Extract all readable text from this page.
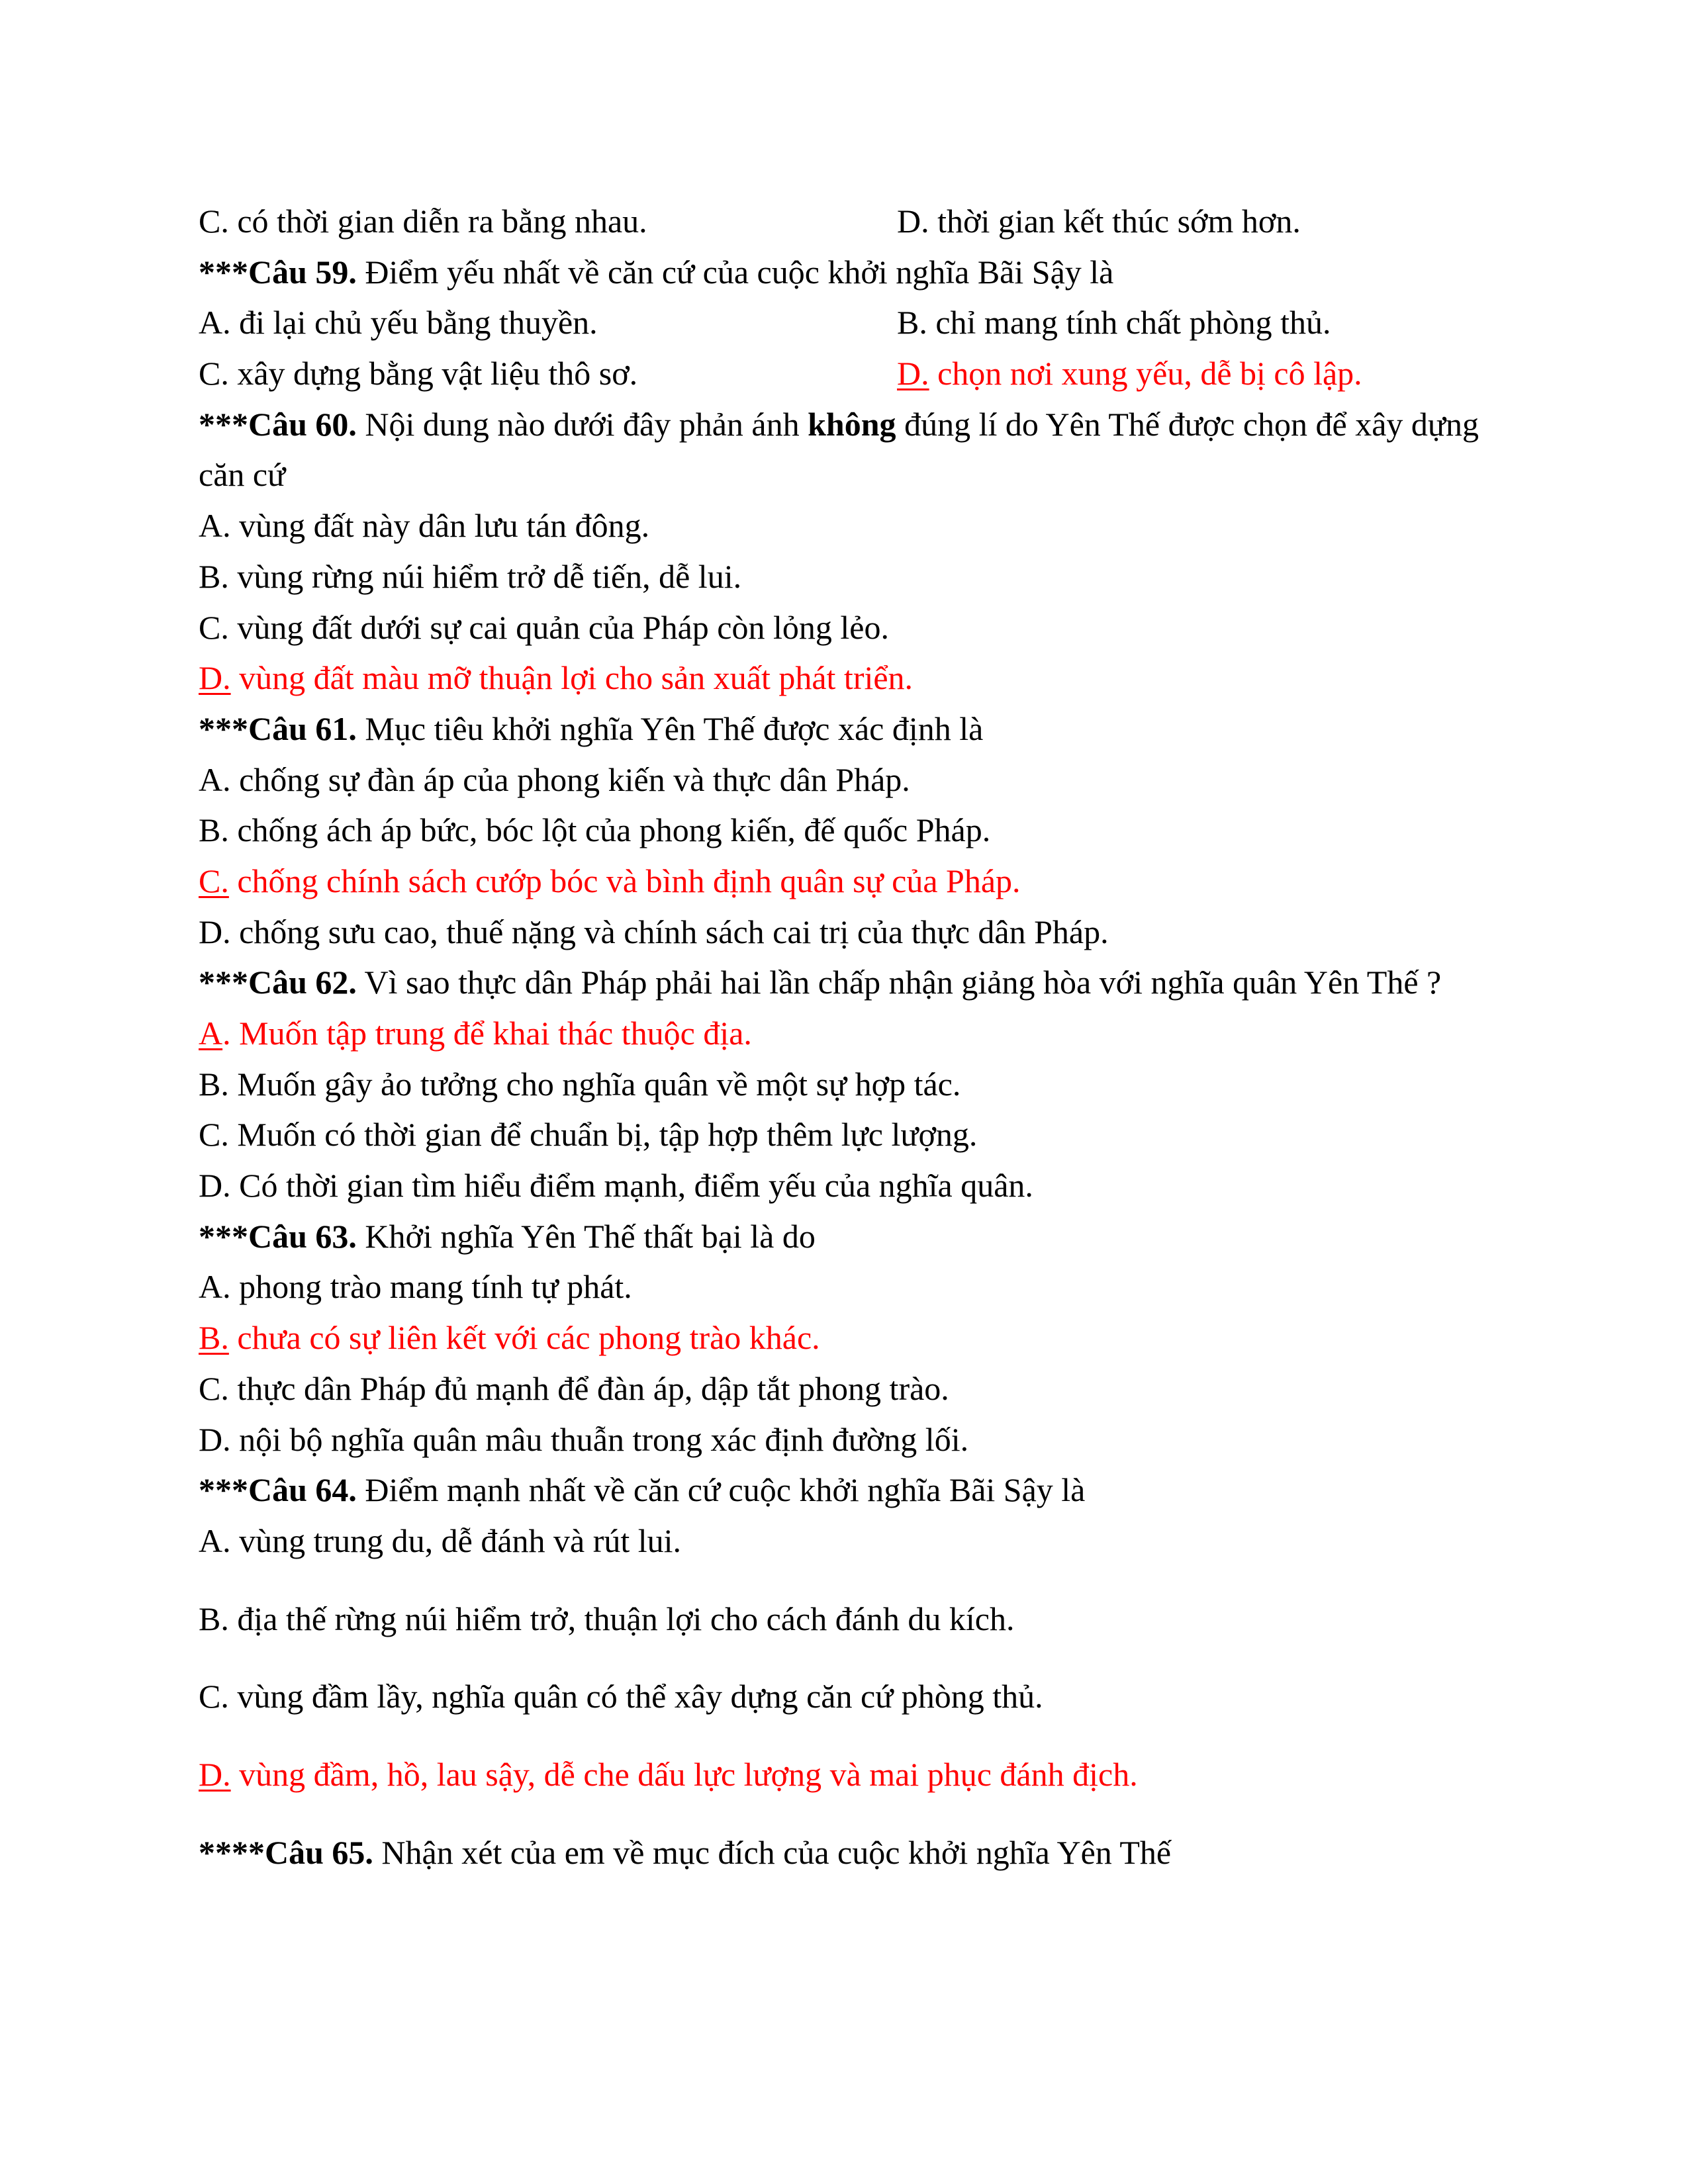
C. có thời gian diễn ra bằng nhau.	D. thời gian kết thúc sớm hơn.
***Câu 59. Điểm yếu nhất về căn cứ của cuộc khởi nghĩa Bãi Sậy là
A. đi lại chủ yếu bằng thuyền.	B. chỉ mang tính chất phòng thủ.
C. xây dựng bằng vật liệu thô sơ.	D. chọn nơi xung yếu, dễ bị cô lập.
***Câu 60. Nội dung nào dưới đây phản ánh không đúng lí do Yên Thế được chọn để xây dựng căn cứ
A. vùng đất này dân lưu tán đông.
B. vùng rừng núi hiểm trở dễ tiến, dễ lui.
C. vùng đất dưới sự cai quản của Pháp còn lỏng lẻo.
D. vùng đất màu mỡ thuận lợi cho sản xuất phát triển.
***Câu 61. Mục tiêu khởi nghĩa Yên Thế được xác định là
A. chống sự đàn áp của phong kiến và thực dân Pháp.
B. chống ách áp bức, bóc lột của phong kiến, đế quốc Pháp.
C. chống chính sách cướp bóc và bình định quân sự của Pháp.
D. chống sưu cao, thuế nặng và chính sách cai trị của thực dân Pháp.
***Câu 62. Vì sao thực dân Pháp phải hai lần chấp nhận giảng hòa với nghĩa quân Yên Thế ?
A. Muốn tập trung để khai thác thuộc địa.
B. Muốn gây ảo tưởng cho nghĩa quân về một sự hợp tác.
C. Muốn có thời gian để chuẩn bị, tập hợp thêm lực lượng.
D. Có thời gian tìm hiểu điểm mạnh, điểm yếu của nghĩa quân.
***Câu 63. Khởi nghĩa Yên Thế thất bại là do
A. phong trào mang tính tự phát.
B. chưa có sự liên kết với các phong trào khác.
C. thực dân Pháp đủ mạnh để đàn áp, dập tắt phong trào.
D. nội bộ nghĩa quân mâu thuẫn trong xác định đường lối.
***Câu 64. Điểm mạnh nhất về căn cứ cuộc khởi nghĩa Bãi Sậy là
A. vùng trung du, dễ đánh và rút lui.
B. địa thế rừng núi hiểm trở, thuận lợi cho cách đánh du kích.
C. vùng đầm lầy, nghĩa quân có thể xây dựng căn cứ phòng thủ.
D. vùng đầm, hồ, lau sậy, dễ che dấu lực lượng và mai phục đánh địch.
****Câu 65. Nhận xét của em về mục đích của cuộc khởi nghĩa Yên Thế
